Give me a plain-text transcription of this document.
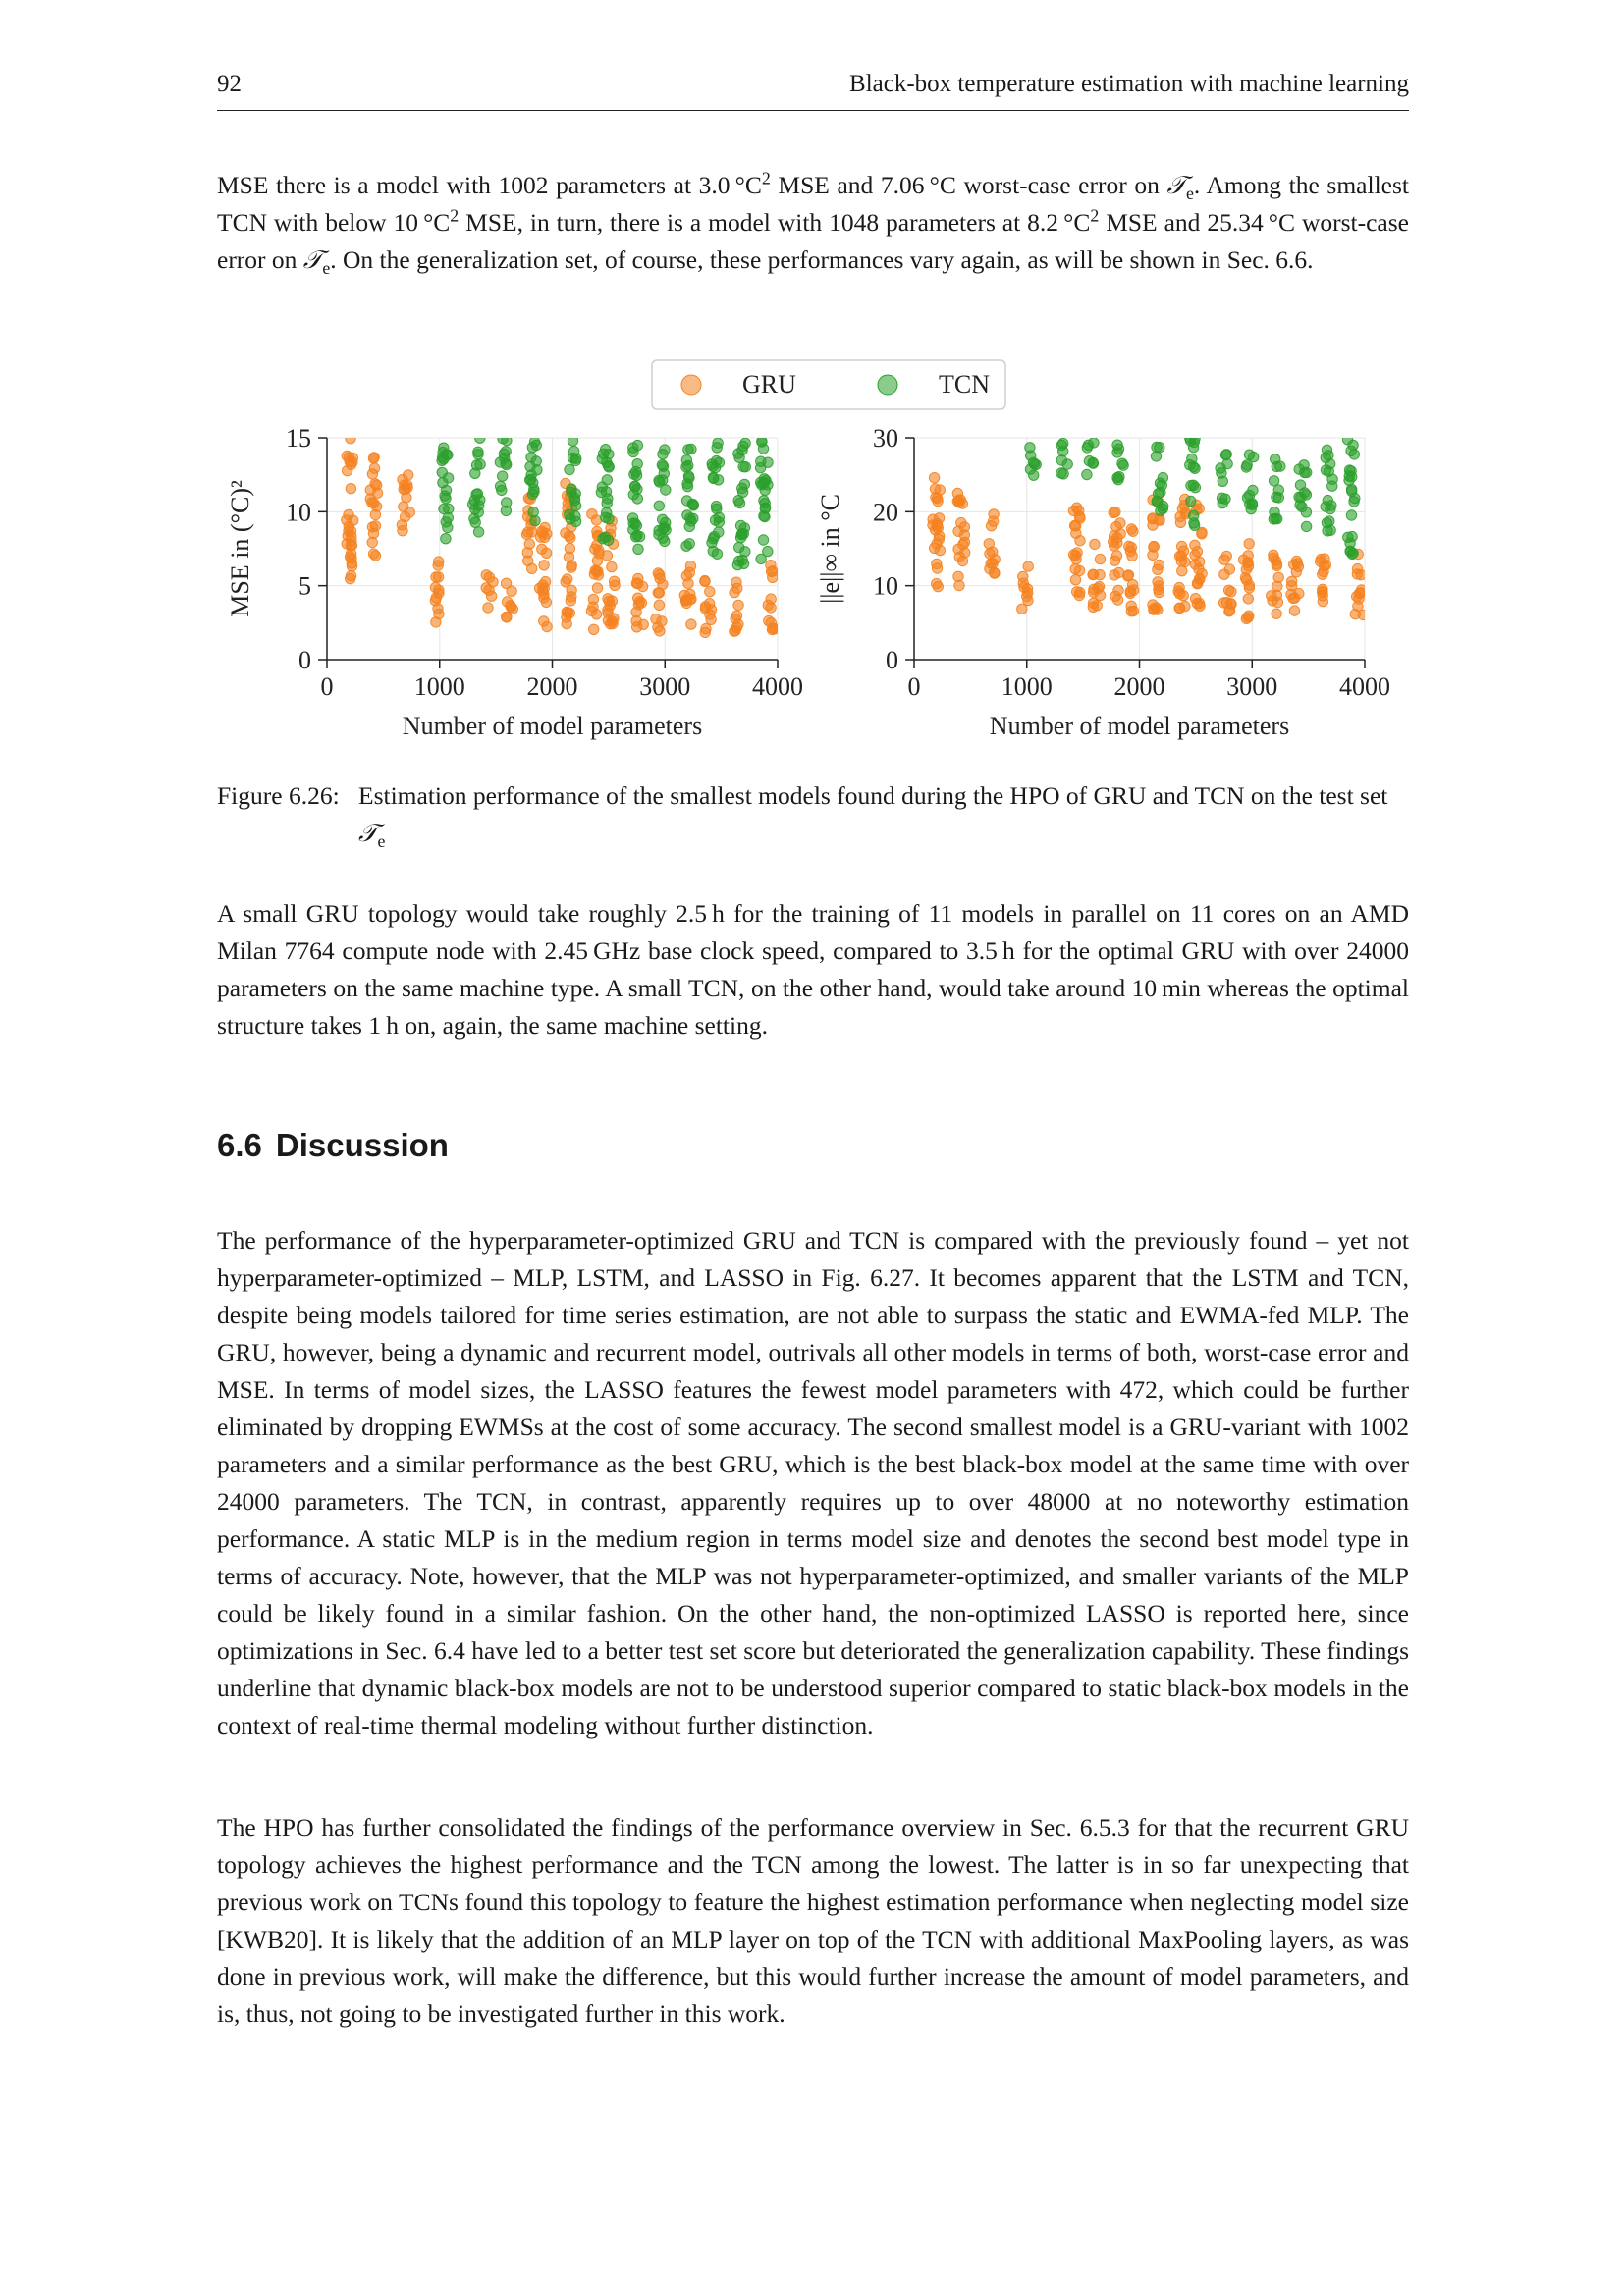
92	Black-box temperature estimation with machine learning

MSE there is a model with 1002 parameters at 3.0 $^\circ C^2$ MSE and 7.06 °C worst-case error on 𝒯$_e$. Among the smallest TCN with below 10 $^\circ C^2$ MSE, in turn, there is a model with 1048 parameters at 8.2 $^\circ C^2$ MSE and 25.34 °C worst-case error on 𝒯$_e$. On the generalization set, of course, these performances vary again, as will be shown in Sec. 6.6.

GRU	TCN
0	1000 2000 3000 4000
0
5
10
15
Number of model parameters
MSE in (°C)²
0	1000 2000 3000 4000
0
10
20
30
Number of model parameters
||e||∞ in °C
Figure 6.26: Estimation performance of the smallest models found during the HPO of GRU and TCN on the test set 𝒯$_e$

A small GRU topology would take roughly 2.5 h for the training of 11 models in parallel on 11 cores on an AMD Milan 7764 compute node with 2.45 GHz base clock speed, compared to 3.5 h for the optimal GRU with over 24000 parameters on the same machine type. A small TCN, on the other hand, would take around 10 min whereas the optimal structure takes 1 h on, again, the same machine setting.

6.6 Discussion

The performance of the hyperparameter-optimized GRU and TCN is compared with the previously found – yet not hyperparameter-optimized – MLP, LSTM, and LASSO in Fig. 6.27. It becomes apparent that the LSTM and TCN, despite being models tailored for time series estimation, are not able to surpass the static and EWMA-fed MLP. The GRU, however, being a dynamic and recurrent model, outrivals all other models in terms of both, worst-case error and MSE. In terms of model sizes, the LASSO features the fewest model parameters with 472, which could be further eliminated by dropping EWMSs at the cost of some accuracy. The second smallest model is a GRU-variant with 1002 parameters and a similar performance as the best GRU, which is the best black-box model at the same time with over 24000 parameters. The TCN, in contrast, apparently requires up to over 48000 at no noteworthy estimation performance. A static MLP is in the medium region in terms model size and denotes the second best model type in terms of accuracy. Note, however, that the MLP was not hyperparameter-optimized, and smaller variants of the MLP could be likely found in a similar fashion. On the other hand, the non-optimized LASSO is reported here, since optimizations in Sec. 6.4 have led to a better test set score but deteriorated the generalization capability. These findings underline that dynamic black-box models are not to be understood superior compared to static black-box models in the context of real-time thermal modeling without further distinction.

The HPO has further consolidated the findings of the performance overview in Sec. 6.5.3 for that the recurrent GRU topology achieves the highest performance and the TCN among the lowest. The latter is in so far unexpecting that previous work on TCNs found this topology to feature the highest estimation performance when neglecting model size [KWB20]. It is likely that the addition of an MLP layer on top of the TCN with additional MaxPooling layers, as was done in previous work, will make the difference, but this would further increase the amount of model parameters, and is, thus, not going to be investigated further in this work.
